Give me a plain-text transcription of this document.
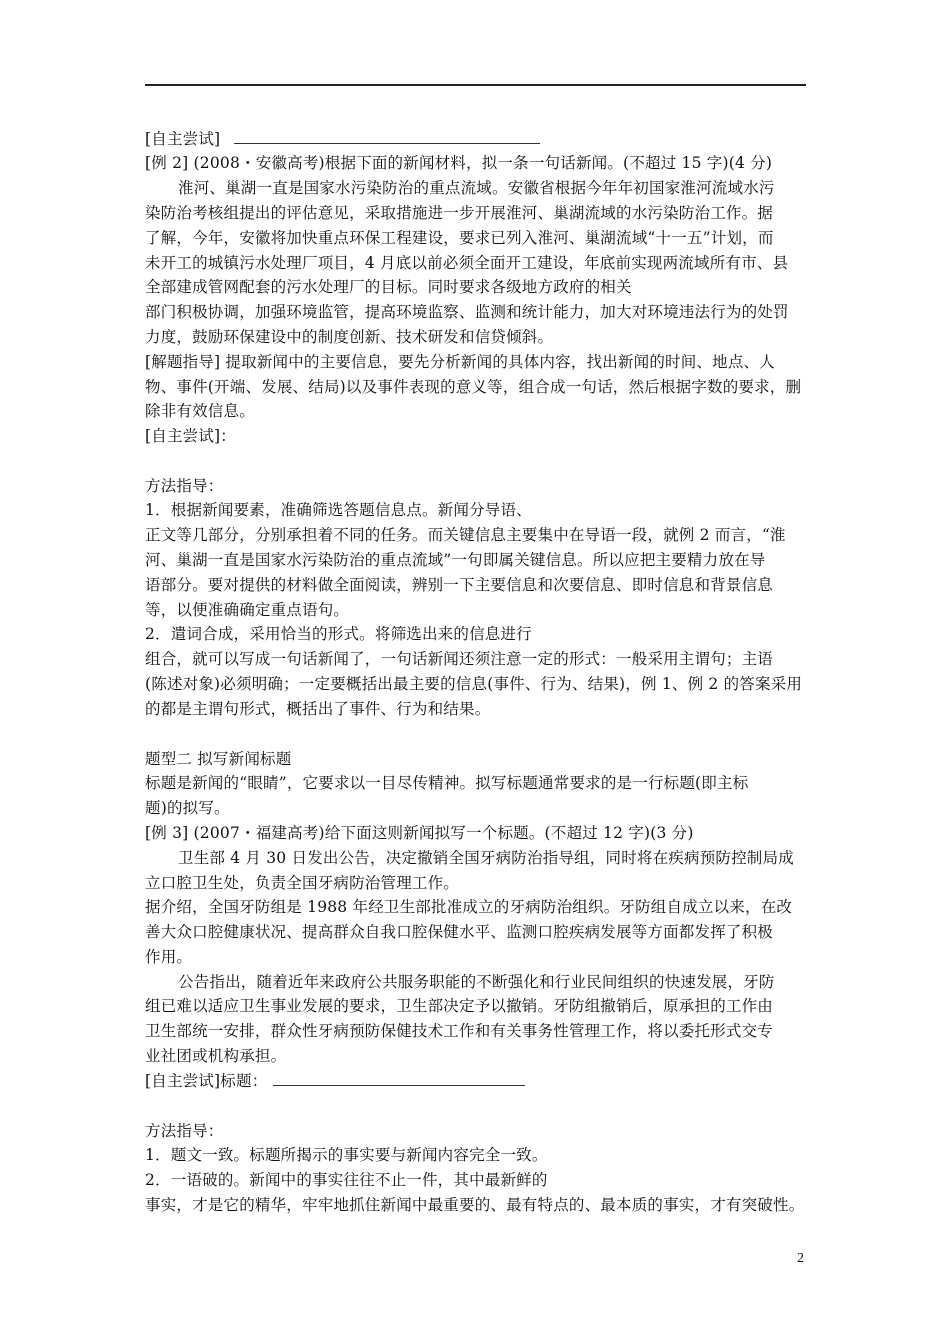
[自主尝试]
[例 2] (2008・安徽高考)根据下面的新闻材料，拟一条一句话新闻。(不超过 15 字)(4 分)
淮河、巢湖一直是国家水污染防治的重点流域。安徽省根据今年年初国家淮河流域水污
染防治考核组提出的评估意见，采取措施进一步开展淮河、巢湖流域的水污染防治工作。据
了解，今年，安徽将加快重点环保工程建设，要求已列入淮河、巢湖流域“十一五”计划，而
未开工的城镇污水处理厂项目，4 月底以前必须全面开工建设，年底前实现两流域所有市、县
全部建成管网配套的污水处理厂的目标。同时要求各级地方政府的相关
部门积极协调，加强环境监管，提高环境监察、监测和统计能力，加大对环境违法行为的处罚
力度，鼓励环保建设中的制度创新、技术研发和信贷倾斜。
[解题指导] 提取新闻中的主要信息，要先分析新闻的具体内容，找出新闻的时间、地点、人
物、事件(开端、发展、结局)以及事件表现的意义等，组合成一句话，然后根据字数的要求，删
除非有效信息。
[自主尝试]：
方法指导：
1．根据新闻要素，准确筛选答题信息点。新闻分导语、
正文等几部分，分别承担着不同的任务。而关键信息主要集中在导语一段，就例 2 而言，“淮
河、巢湖一直是国家水污染防治的重点流域”一句即属关键信息。所以应把主要精力放在导
语部分。要对提供的材料做全面阅读，辨别一下主要信息和次要信息、即时信息和背景信息
等，以便准确确定重点语句。
2．遣词合成，采用恰当的形式。将筛选出来的信息进行
组合，就可以写成一句话新闻了，一句话新闻还须注意一定的形式：一般采用主谓句；主语
(陈述对象)必须明确；一定要概括出最主要的信息(事件、行为、结果)，例 1、例 2 的答案采用
的都是主谓句形式，概括出了事件、行为和结果。
题型二 拟写新闻标题
标题是新闻的“眼睛”，它要求以一目尽传精神。拟写标题通常要求的是一行标题(即主标
题)的拟写。
[例 3] (2007・福建高考)给下面这则新闻拟写一个标题。(不超过 12 字)(3 分)
卫生部 4 月 30 日发出公告，决定撤销全国牙病防治指导组，同时将在疾病预防控制局成
立口腔卫生处，负责全国牙病防治管理工作。
据介绍，全国牙防组是 1988 年经卫生部批准成立的牙病防治组织。牙防组自成立以来，在改
善大众口腔健康状况、提高群众自我口腔保健水平、监测口腔疾病发展等方面都发挥了积极
作用。
公告指出，随着近年来政府公共服务职能的不断强化和行业民间组织的快速发展，牙防
组已难以适应卫生事业发展的要求，卫生部决定予以撤销。牙防组撤销后，原承担的工作由
卫生部统一安排，群众性牙病预防保健技术工作和有关事务性管理工作，将以委托形式交专
业社团或机构承担。
[自主尝试]标题：
方法指导：
1．题文一致。标题所揭示的事实要与新闻内容完全一致。
2．一语破的。新闻中的事实往往不止一件，其中最新鲜的
事实，才是它的精华，牢牢地抓住新闻中最重要的、最有特点的、最本质的事实，才有突破性。
2
